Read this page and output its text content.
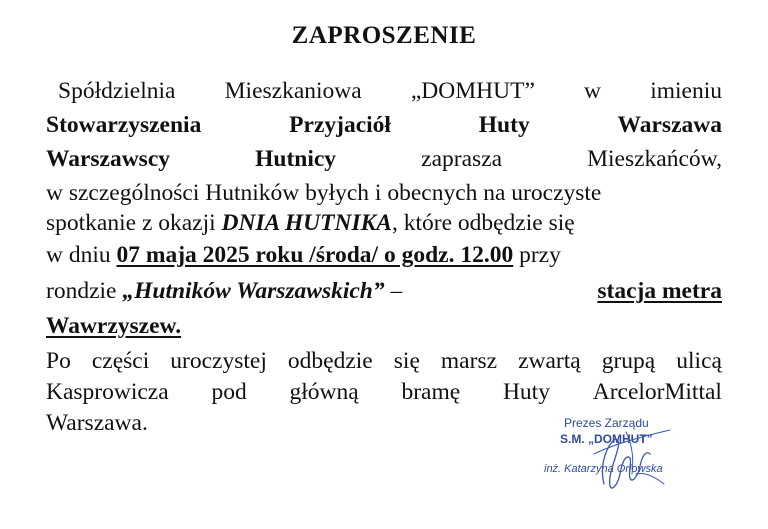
ZAPROSZENIE
Spółdzielnia Mieszkaniowa „DOMHUT” w imieniu
Stowarzyszenia	Przyjaciół	Huty	Warszawa
Warszawscy	Hutnicy	zaprasza	Mieszkańców,
w szczególności Hutników byłych i obecnych na uroczyste
spotkanie z okazji DNIA HUTNIKA, które odbędzie się
w dniu 07 maja 2025 roku /środa/ o godz. 12.00 przy
rondzie „Hutników Warszawskich” –	stacja metra
Wawrzyszew.
Po części uroczystej odbędzie się marsz zwartą grupą ulicą
Kasprowicza pod główną bramę Huty ArcelorMittal
Warszawa.	Prezes Zarządu
S.M. „DOMHUT”
inż. Katarzyna Orłowska
